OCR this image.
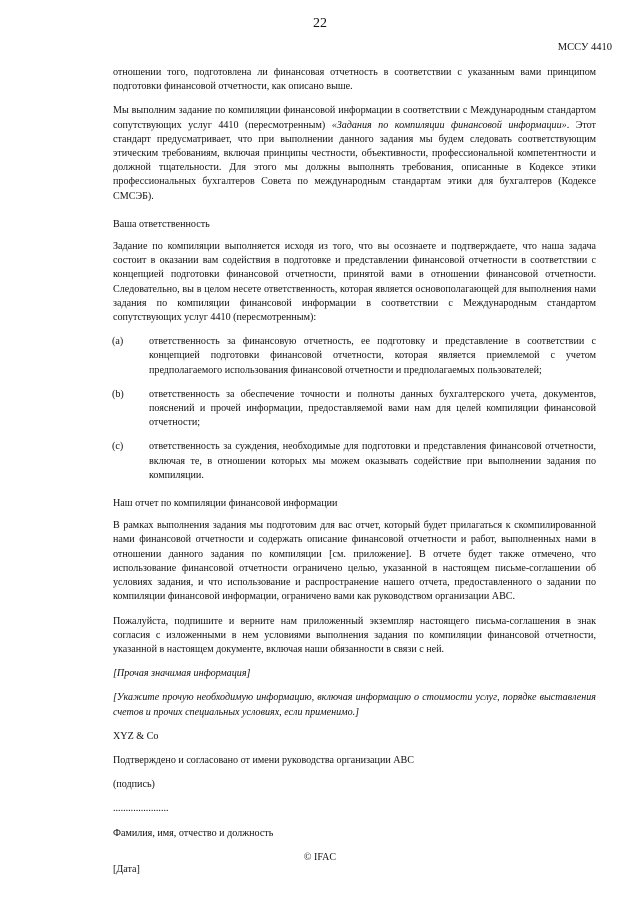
22
МССУ 4410

отношении того, подготовлена ли финансовая отчетность в соответствии с указанным вами принципом подготовки финансовой отчетности, как описано выше.

Мы выполним задание по компиляции финансовой информации в соответствии с Международным стандартом сопутствующих услуг 4410 (пересмотренным) «Задания по компиляции финансовой информации». Этот стандарт предусматривает, что при выполнении данного задания мы будем следовать соответствующим этическим требованиям, включая принципы честности, объективности, профессиональной компетентности и должной тщательности. Для этого мы должны выполнять требования, описанные в Кодексе этики профессиональных бухгалтеров Совета по международным стандартам этики для бухгалтеров (Кодексе СМСЭБ).

Ваша ответственность

Задание по компиляции выполняется исходя из того, что вы осознаете и подтверждаете, что наша задача состоит в оказании вам содействия в подготовке и представлении финансовой отчетности в соответствии с концепцией подготовки финансовой отчетности, принятой вами в отношении финансовой отчетности. Следовательно, вы в целом несете ответственность, которая является основополагающей для выполнения нами задания по компиляции финансовой информации в соответствии с Международным стандартом сопутствующих услуг 4410 (пересмотренным):

(a)	ответственность за финансовую отчетность, ее подготовку и представление в соответствии с концепцией подготовки финансовой отчетности, которая является приемлемой с учетом предполагаемого использования финансовой отчетности и предполагаемых пользователей;
(b)	ответственность за обеспечение точности и полноты данных бухгалтерского учета, документов, пояснений и прочей информации, предоставляемой вами нам для целей компиляции финансовой отчетности;
(c)	ответственность за суждения, необходимые для подготовки и представления финансовой отчетности, включая те, в отношении которых мы можем оказывать содействие при выполнении задания по компиляции.
Наш отчет по компиляции финансовой информации

В рамках выполнения задания мы подготовим для вас отчет, который будет прилагаться к скомпилированной нами финансовой отчетности и содержать описание финансовой отчетности и работ, выполненных нами в отношении данного задания по компиляции [см. приложение]. В отчете будет также отмечено, что использование финансовой отчетности ограничено целью, указанной в настоящем письме-соглашении об условиях задания, и что использование и распространение нашего отчета, предоставленного о задании по компиляции финансовой информации, ограничено вами как руководством организации ABC.

Пожалуйста, подпишите и верните нам приложенный экземпляр настоящего письма-соглашения в знак согласия с изложенными в нем условиями выполнения задания по компиляции финансовой отчетности, указанной в настоящем документе, включая наши обязанности в связи с ней.

[Прочая значимая информация]

[Укажите прочую необходимую информацию, включая информацию о стоимости услуг, порядке выставления счетов и прочих специальных условиях, если применимо.]

XYZ & Co

Подтверждено и согласовано от имени руководства организации ABC

(подпись)

......................

Фамилия, имя, отчество и должность

[Дата]

© IFAC
